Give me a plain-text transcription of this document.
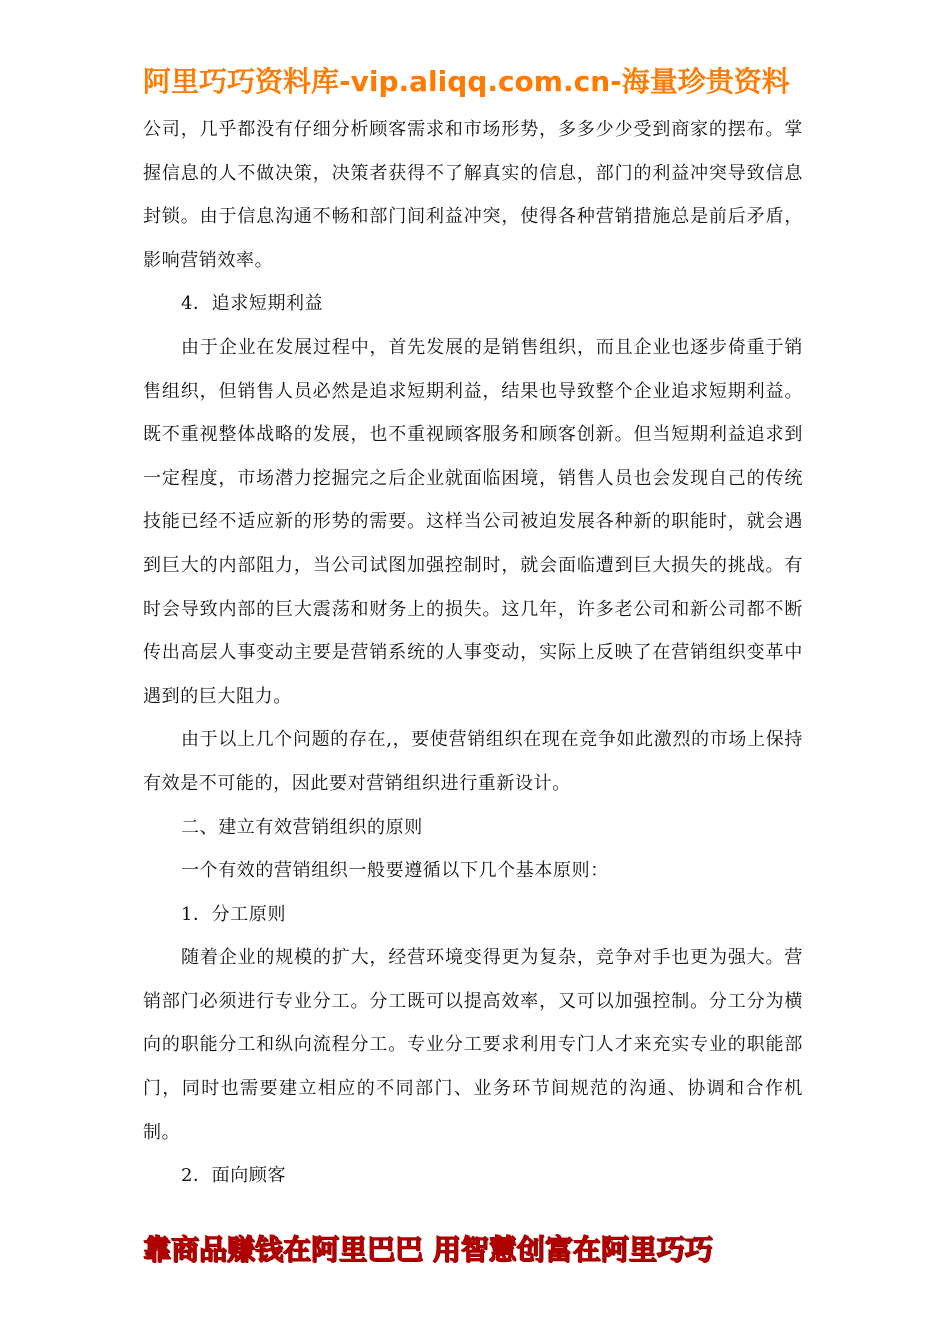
阿里巧巧资料库-vip.aliqq.com.cn-海量珍贵资料

公司，几乎都没有仔细分析顾客需求和市场形势，多多少少受到商家的摆布。掌握信息的人不做决策，决策者获得不了解真实的信息，部门的利益冲突导致信息封锁。由于信息沟通不畅和部门间利益冲突，使得各种营销措施总是前后矛盾，影响营销效率。

4．追求短期利益

由于企业在发展过程中，首先发展的是销售组织，而且企业也逐步倚重于销售组织，但销售人员必然是追求短期利益，结果也导致整个企业追求短期利益。既不重视整体战略的发展，也不重视顾客服务和顾客创新。但当短期利益追求到一定程度，市场潜力挖掘完之后企业就面临困境，销售人员也会发现自己的传统技能已经不适应新的形势的需要。这样当公司被迫发展各种新的职能时，就会遇到巨大的内部阻力，当公司试图加强控制时，就会面临遭到巨大损失的挑战。有时会导致内部的巨大震荡和财务上的损失。这几年，许多老公司和新公司都不断传出高层人事变动主要是营销系统的人事变动，实际上反映了在营销组织变革中遇到的巨大阻力。

由于以上几个问题的存在,，要使营销组织在现在竞争如此激烈的市场上保持有效是不可能的，因此要对营销组织进行重新设计。

二、建立有效营销组织的原则

一个有效的营销组织一般要遵循以下几个基本原则：

1．分工原则

随着企业的规模的扩大，经营环境变得更为复杂，竞争对手也更为强大。营销部门必须进行专业分工。分工既可以提高效率，又可以加强控制。分工分为横向的职能分工和纵向流程分工。专业分工要求利用专门人才来充实专业的职能部门，同时也需要建立相应的不同部门、业务环节间规范的沟通、协调和合作机制。

2．面向顾客

靠商品赚钱在阿里巴巴 用智慧创富在阿里巧巧
